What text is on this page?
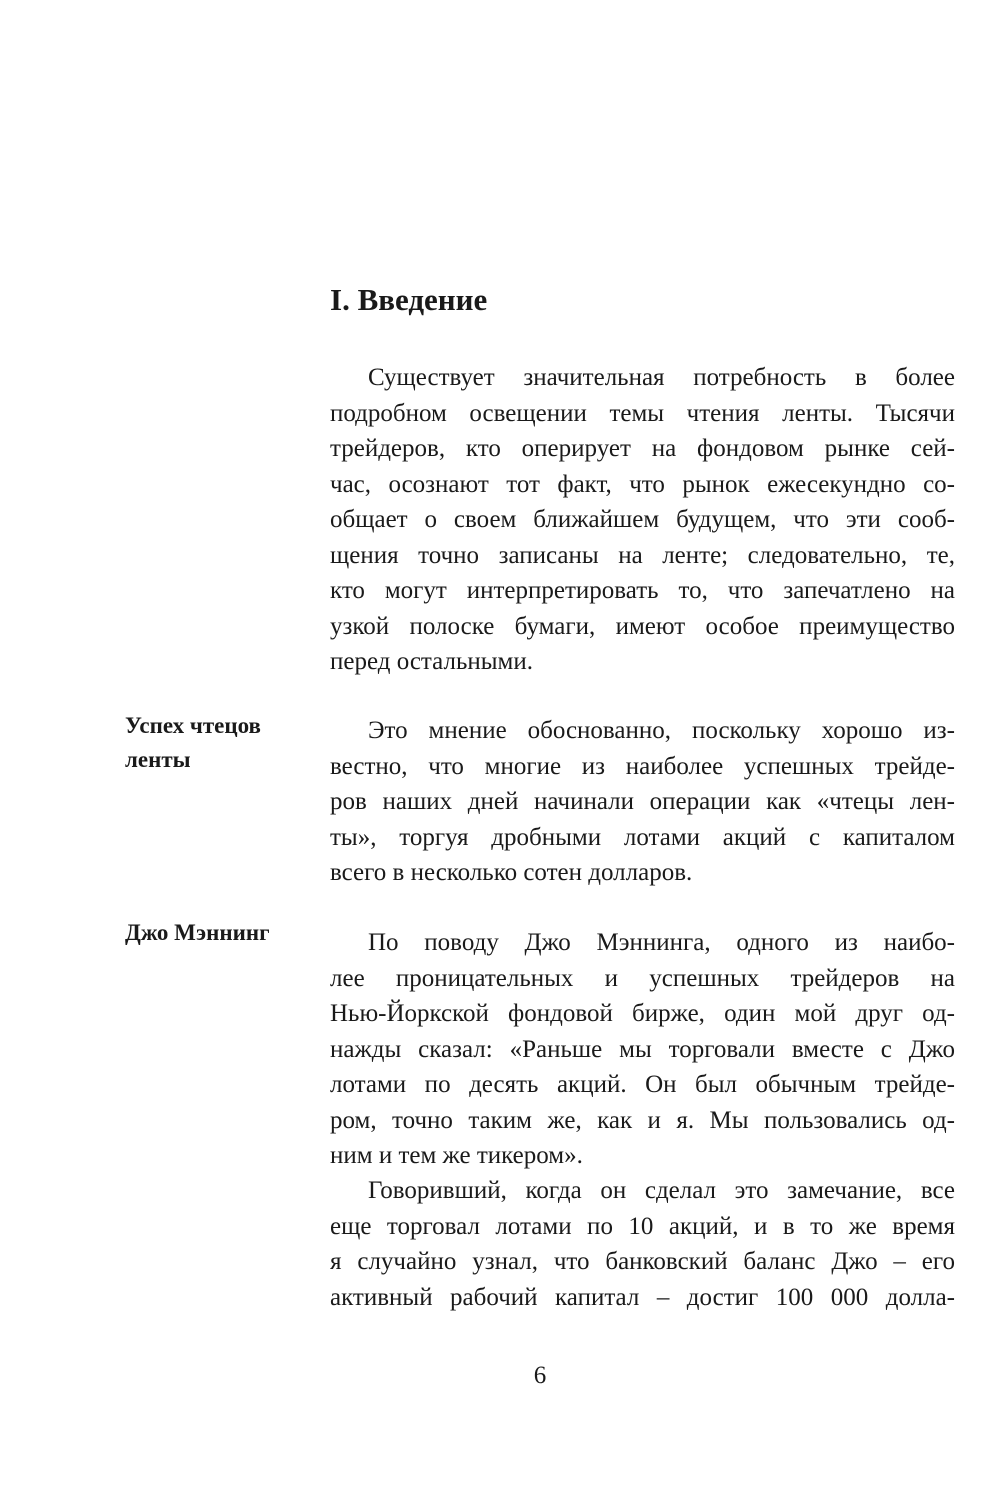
I. Введение
Успех чтецов
ленты
Джо Мэннинг
Существует значительная потребность в более
подробном освещении темы чтения ленты. Тысячи
трейдеров, кто оперирует на фондовом рынке сей-
час, осознают тот факт, что рынок ежесекундно со-
общает о своем ближайшем будущем, что эти сооб-
щения точно записаны на ленте; следовательно, те,
кто могут интерпретировать то, что запечатлено на
узкой полоске бумаги, имеют особое преимущество
перед остальными.
Это мнение обоснованно, поскольку хорошо из-
вестно, что многие из наиболее успешных трейде-
ров наших дней начинали операции как «чтецы лен-
ты», торгуя дробными лотами акций с капиталом
всего в несколько сотен долларов.
По поводу Джо Мэннинга, одного из наибо-
лее проницательных и успешных трейдеров на
Нью-Йоркской фондовой бирже, один мой друг од-
нажды сказал: «Раньше мы торговали вместе с Джо
лотами по десять акций. Он был обычным трейде-
ром, точно таким же, как и я. Мы пользовались од-
ним и тем же тикером».
Говоривший, когда он сделал это замечание, все
еще торговал лотами по 10 акций, и в то же время
я случайно узнал, что банковский баланс Джо – его
активный рабочий капитал – достиг 100 000 долла-
6
